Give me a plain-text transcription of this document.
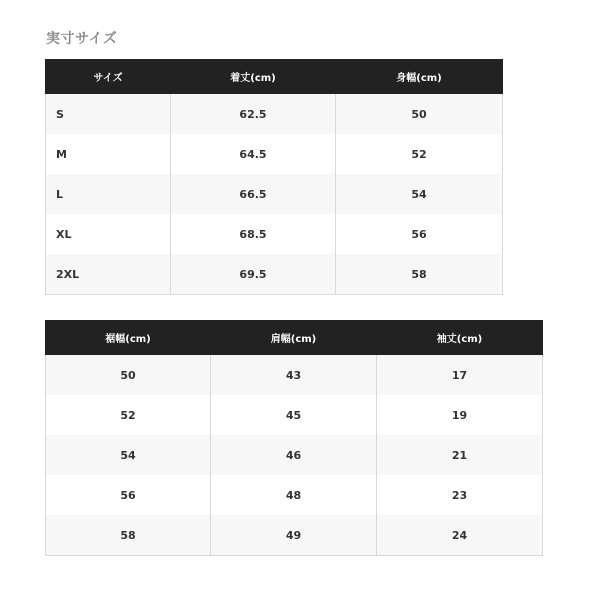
実寸サイズ
サイズ	着丈(cm)	身幅(cm)
S	62.5	50
M	64.5	52
L	66.5	54
XL	68.5	56
2XL	69.5	58
裾幅(cm)	肩幅(cm)	袖丈(cm)
50	43	17
52	45	19
54	46	21
56	48	23
58	49	24
